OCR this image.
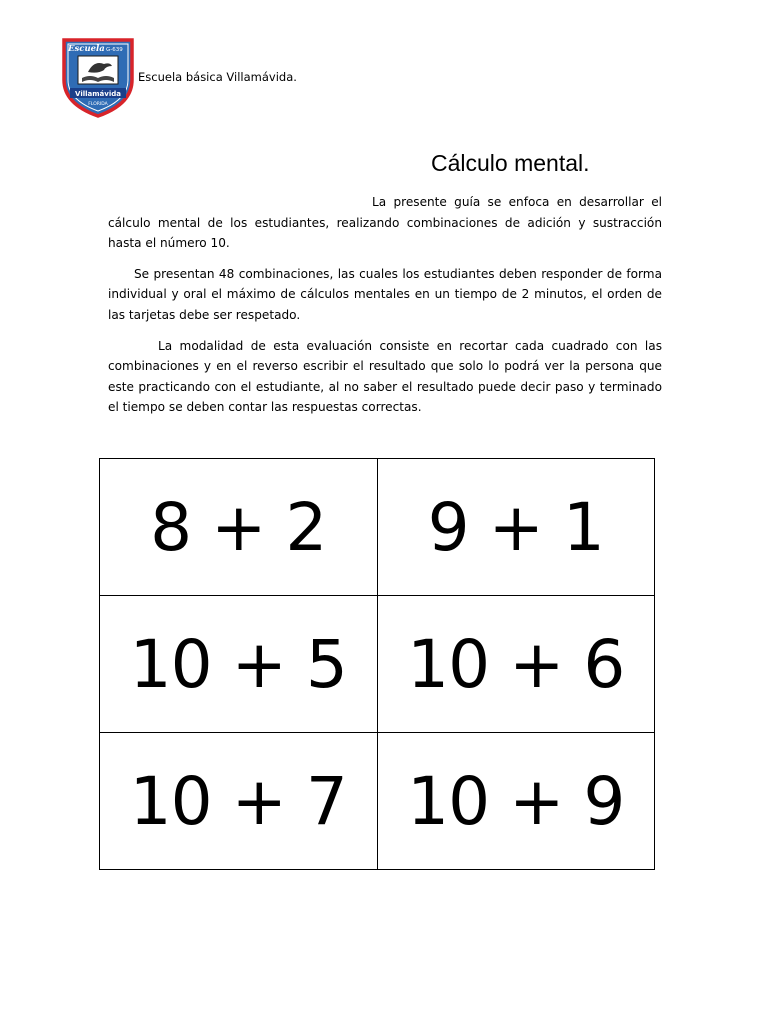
Escuela G-639
Villamávida
FLORIDA
Escuela básica Villamávida.
Cálculo mental.

La presente guía se enfoca en desarrollar el cálculo mental de los estudiantes, realizando combinaciones de adición y sustracción hasta el número 10.

Se presentan 48 combinaciones, las cuales los estudiantes deben responder de forma individual y oral el máximo de cálculos mentales en un tiempo de 2 minutos, el orden de las tarjetas debe ser respetado.

La modalidad de esta evaluación consiste en recortar cada cuadrado con las combinaciones y en el reverso escribir el resultado que solo lo podrá ver la persona que este practicando con el estudiante, al no saber el resultado puede decir paso y terminado el tiempo se deben contar las respuestas correctas.

8 + 2	9 + 1
10 + 5	10 + 6
10 + 7	10 + 9
